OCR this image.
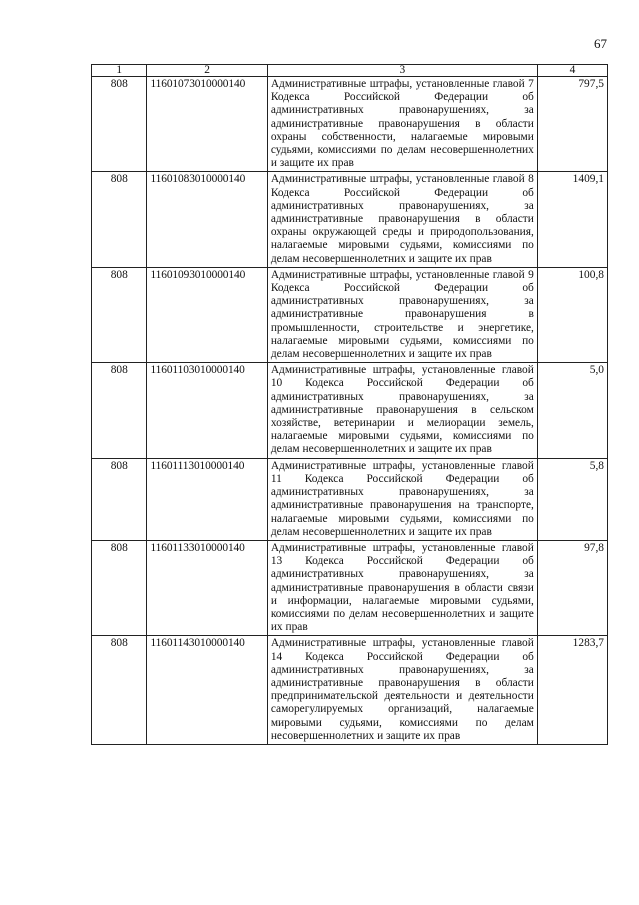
67
1	2	3	4
808	11601073010000140	Административные штрафы, установленные главой 7 Кодекса Российской Федерации об административных правонарушениях, за административные правонарушения в области охраны собственности, налагаемые мировыми судьями, комиссиями по делам несовершеннолетних и защите их прав	797,5
808	11601083010000140	Административные штрафы, установленные главой 8 Кодекса Российской Федерации об административных правонарушениях, за административные правонарушения в области охраны окружающей среды и природопользования, налагаемые мировыми судьями, комиссиями по делам несовершеннолетних и защите их прав	1409,1
808	11601093010000140	Административные штрафы, установленные главой 9 Кодекса Российской Федерации об административных правонарушениях, за административные правонарушения в промышленности, строительстве и энергетике, налагаемые мировыми судьями, комиссиями по делам несовершеннолетних и защите их прав	100,8
808	11601103010000140	Административные штрафы, установленные главой 10 Кодекса Российской Федерации об административных правонарушениях, за административные правонарушения в сельском хозяйстве, ветеринарии и мелиорации земель, налагаемые мировыми судьями, комиссиями по делам несовершеннолетних и защите их прав	5,0
808	11601113010000140	Административные штрафы, установленные главой 11 Кодекса Российской Федерации об административных правонарушениях, за административные правонарушения на транспорте, налагаемые мировыми судьями, комиссиями по делам несовершеннолетних и защите их прав	5,8
808	11601133010000140	Административные штрафы, установленные главой 13 Кодекса Российской Федерации об административных правонарушениях, за административные правонарушения в области связи и информации, налагаемые мировыми судьями, комиссиями по делам несовершеннолетних и защите их прав	97,8
808	11601143010000140	Административные штрафы, установленные главой 14 Кодекса Российской Федерации об административных правонарушениях, за административные правонарушения в области предпринимательской деятельности и деятельности саморегулируемых организаций, налагаемые мировыми судьями, комиссиями по делам несовершеннолетних и защите их прав	1283,7
